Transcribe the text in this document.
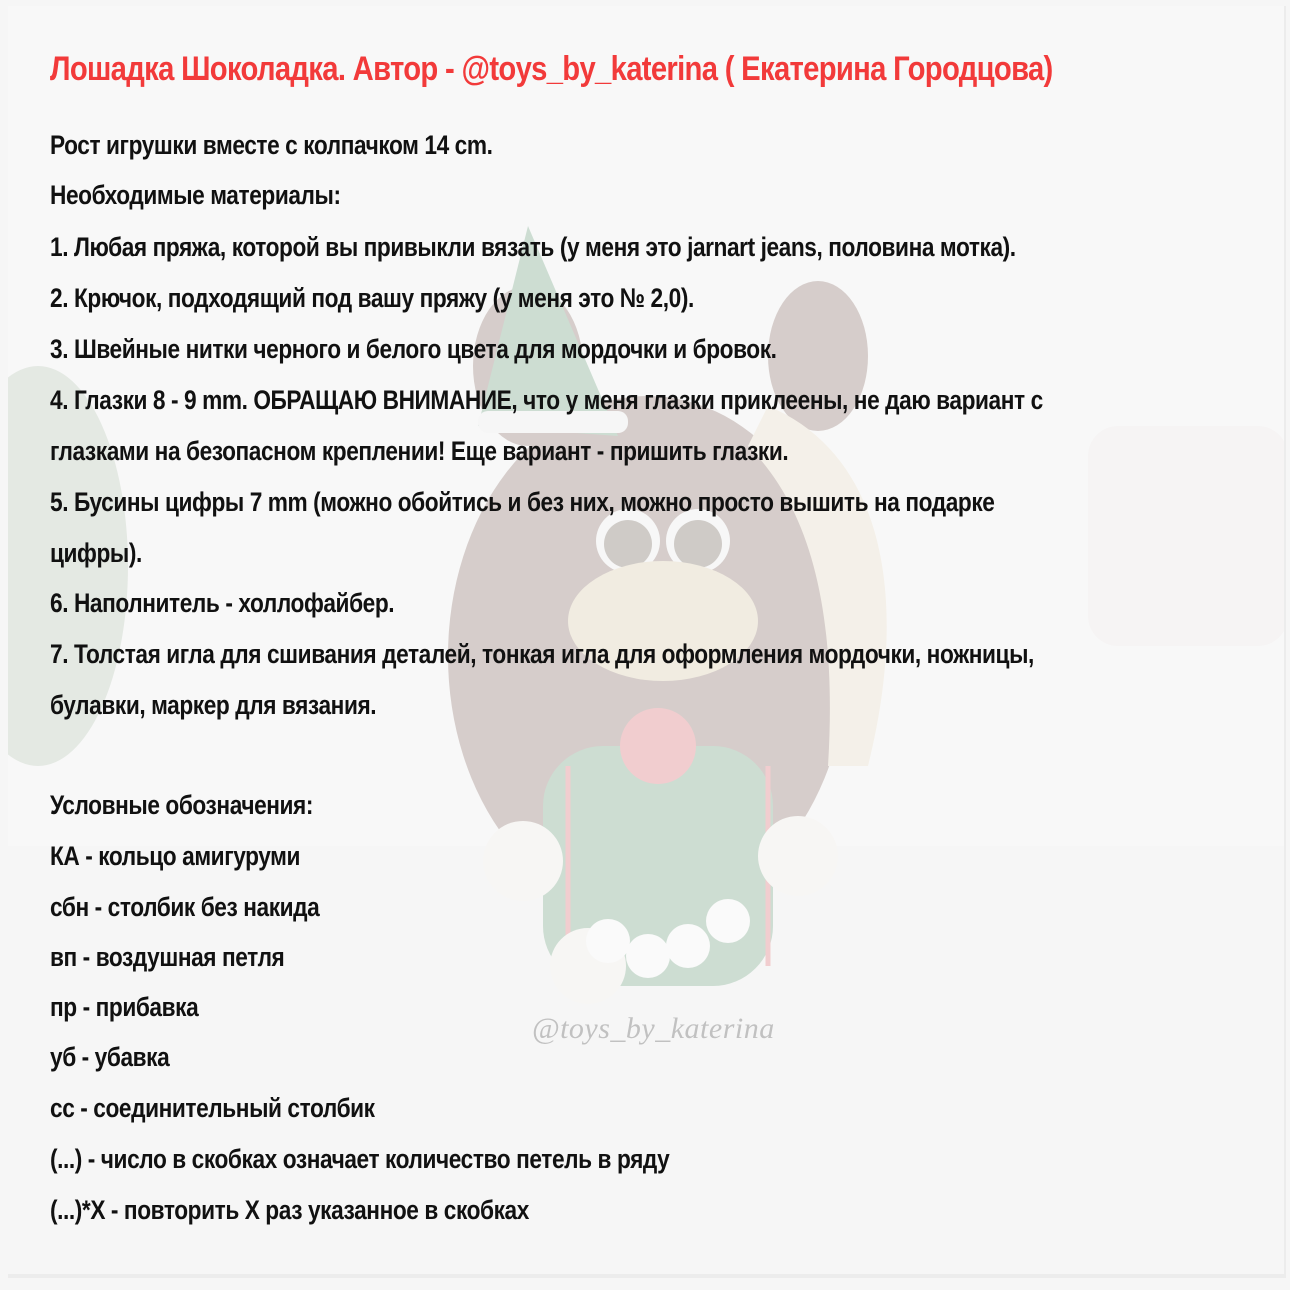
@toys_by_katerina
Лошадка Шоколадка. Автор - @toys_by_katerina ( Екатерина Городцова)
Рост игрушки вместе с колпачком 14 cm.
Необходимые материалы:
1. Любая пряжа, которой вы привыкли вязать (у меня это jarnart jeans, половина мотка).
2. Крючок, подходящий под вашу пряжу (у меня это № 2,0).
3. Швейные нитки черного и белого цвета для мордочки и бровок.
4. Глазки 8 - 9 mm. ОБРАЩАЮ ВНИМАНИЕ, что у меня глазки приклеены, не даю вариант с
глазками на безопасном креплении! Еще вариант - пришить глазки.
5. Бусины цифры 7 mm (можно обойтись и без них, можно просто вышить на подарке
цифры).
6. Наполнитель - холлофайбер.
7. Толстая игла для сшивания деталей, тонкая игла для оформления мордочки, ножницы,
булавки, маркер для вязания.
Условные обозначения:
КА - кольцо амигуруми
сбн - столбик без накида
вп - воздушная петля
пр - прибавка
уб - убавка
сс - соединительный столбик
(...) - число в скобках означает количество петель в ряду
(...)*Х - повторить Х раз указанное в скобках
